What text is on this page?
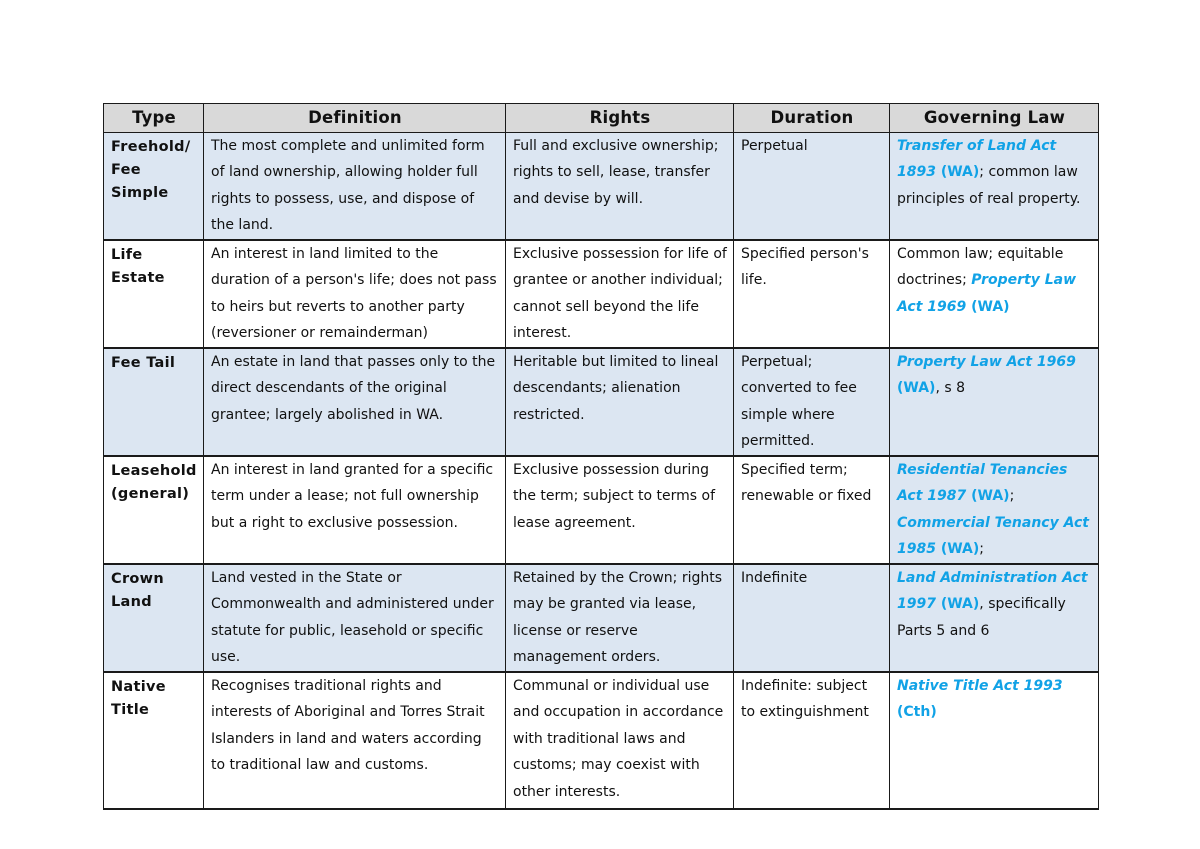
Type	Definition	Rights	Duration	Governing Law
Freehold/ Fee Simple	The most complete and unlimited form of land ownership, allowing holder full rights to possess, use, and dispose of the land.	Full and exclusive ownership; rights to sell, lease, transfer and devise by will.	Perpetual	Transfer of Land Act 1893 (WA); common law principles of real property.
Life Estate	An interest in land limited to the duration of a person's life; does not pass to heirs but reverts to another party (reversioner or remainderman)	Exclusive possession for life of grantee or another individual; cannot sell beyond the life interest.	Specified person's life.	Common law; equitable doctrines; Property Law Act 1969 (WA)
Fee Tail	An estate in land that passes only to the direct descendants of the original grantee; largely abolished in WA.	Heritable but limited to lineal descendants; alienation restricted.	Perpetual; converted to fee simple where permitted.	Property Law Act 1969 (WA), s 8
Leasehold (general)	An interest in land granted for a specific term under a lease; not full ownership but a right to exclusive possession.	Exclusive possession during the term; subject to terms of lease agreement.	Specified term; renewable or fixed	Residential Tenancies Act 1987 (WA); Commercial Tenancy Act 1985 (WA);
Crown Land	Land vested in the State or Commonwealth and administered under statute for public, leasehold or specific use.	Retained by the Crown; rights may be granted via lease, license or reserve management orders.	Indefinite	Land Administration Act 1997 (WA), specifically Parts 5 and 6
Native Title	Recognises traditional rights and interests of Aboriginal and Torres Strait Islanders in land and waters according to traditional law and customs.	Communal or individual use and occupation in accordance with traditional laws and customs; may coexist with other interests.	Indefinite: subject to extinguishment	Native Title Act 1993 (Cth)
